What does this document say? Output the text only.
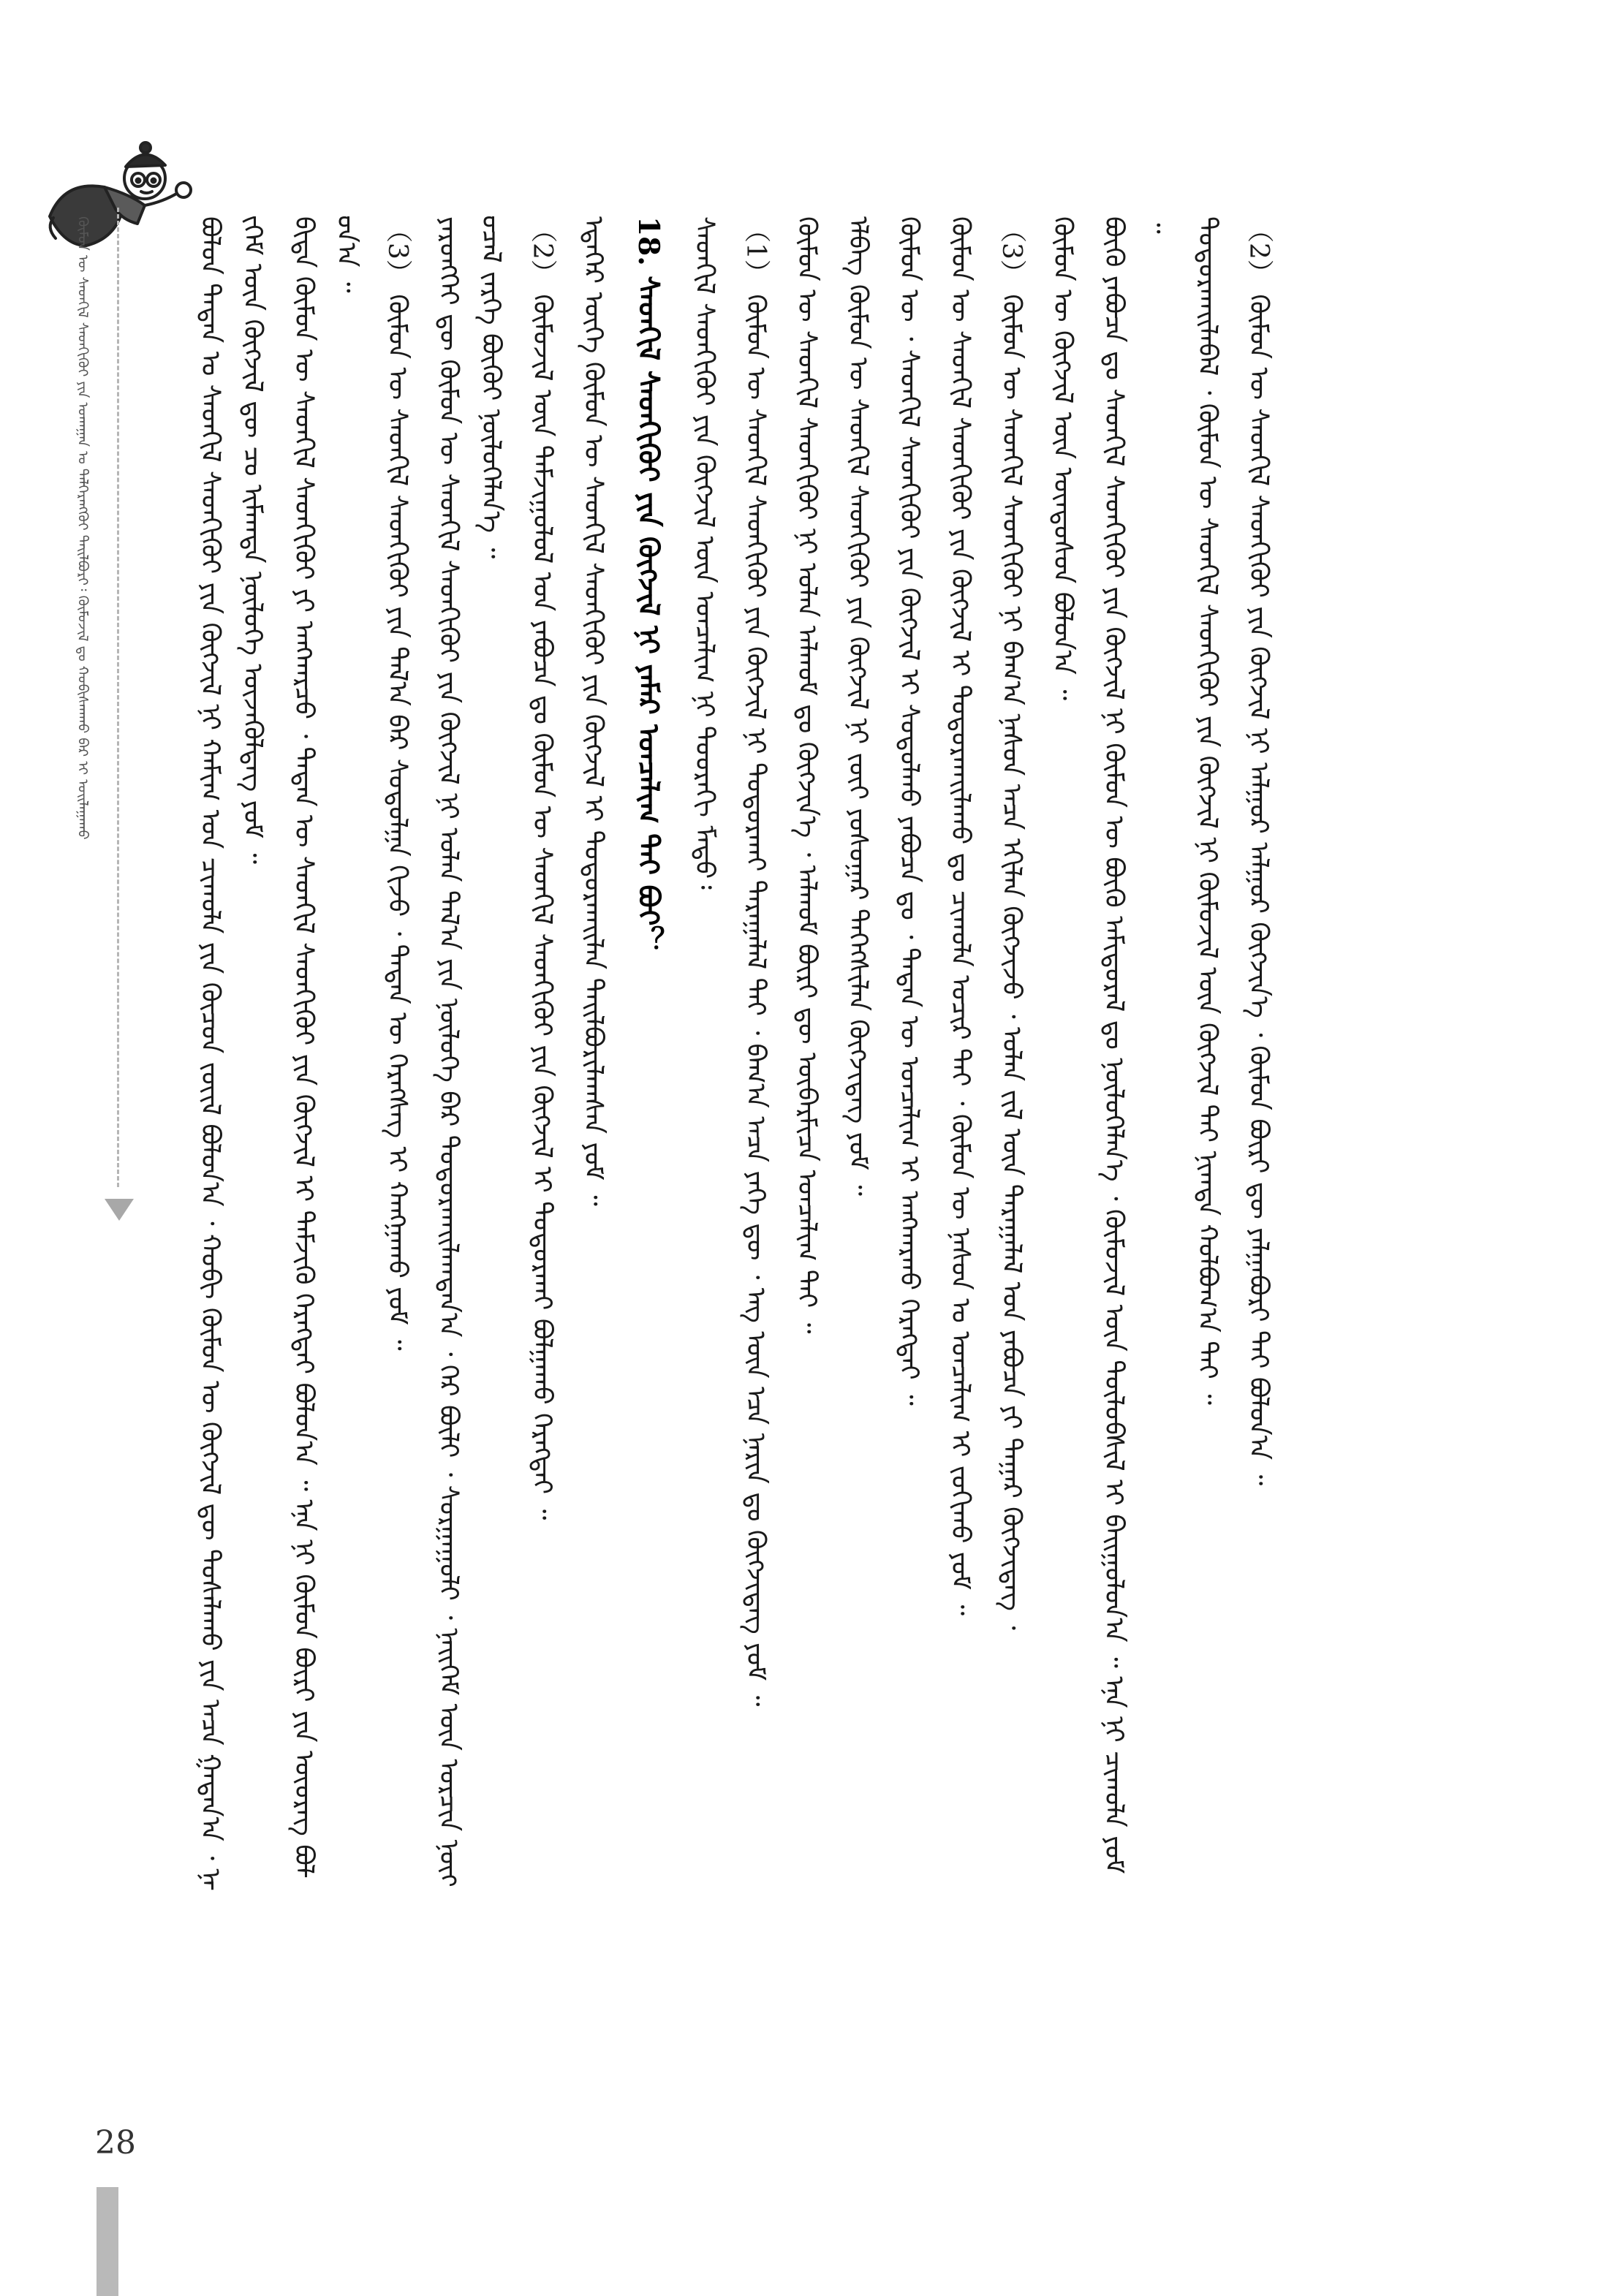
ᠬᠦᠮᠦᠨ ᠦ ᠰᠡᠳᠬᠢᠯ ᠰᠡᠳᠬᠢᠬᠦᠢ ᠶᠢᠨ ᠤᠬᠠᠭᠠᠨ ᠤ ᠳᠡᠯᠭᠡᠷᠡᠩᠭᠦᠢ ᠲᠠᠢᠯᠪᠤᠷᠢ᠄ ᠬᠦᠮᠦᠵᠢᠯ ᠳᠤ ᠬᠤᠪᠢᠰᠬᠠᠬᠤ ᠪᠠᠷ ᠢ ᠤᠢᠯᠠᠭᠠᠬᠤ	ᠪᠣᠯᠣᠨ ᠲᠡᠳᠡᠨ ᠤ ᠰᠡᠳᠬᠢᠯ ᠰᠡᠳᠬᠢᠬᠦᠢ ᠶᠢᠨ ᠬᠦᠭᠵᠢᠯ ᠨᠢ ᠬᠠᠮᠢᠭ ᠤᠨ ᠴᠢᠬᠤᠯᠠ ᠶᠢᠨ ᠬᠦᠴᠦᠨ ᠵᠦᠢᠯ ᠪᠣᠯᠣᠨ᠎ᠠ ᠂ ᠬᠤᠪᠢ ᠬᠦᠮᠦᠨ ᠦ ᠬᠦᠭᠵᠢᠯ ᠳᠦ ᠲᠤᠰᠠᠯᠠᠬᠤ ᠶᠢᠨ ᠠᠴᠠ ᠭᠠᠳᠠᠨ᠎ᠠ ᠂ ᠨᠡᠢᠭᠡᠮ ᠦᠨ ᠬᠦᠭᠵᠢᠯ ᠳᠦ ᠴᠤ ᠢᠮᠠᠭᠳᠠ ᠨᠥᠯᠦᠭᠡ ᠦᠵᠡᠭᠦᠯᠳᠡᠭ ᠶᠤᠮ ᠃ ᠪᠢᠳᠡ ᠬᠦᠮᠦᠨ ᠦ ᠰᠡᠳᠬᠢᠯ ᠰᠡᠳᠬᠢᠬᠦᠢ ᠶᠢ ᠠᠩᠬᠠᠷᠴᠤ ᠂ ᠲᠡᠳᠡᠨ ᠦ ᠰᠡᠳᠬᠢᠯ ᠰᠡᠳᠬᠢᠬᠦᠢ ᠶᠢᠨ ᠬᠦᠭᠵᠢᠯ ᠢ ᠳᠡᠮᠵᠢᠬᠦ ᠬᠡᠷᠡᠭᠲᠡᠢ ᠪᠣᠯᠣᠨ᠎ᠠ ᠃ ᠡᠨᠡ ᠨᠢ ᠬᠦᠮᠦᠨ ᠪᠦᠷᠢ ᠶᠢᠨ ᠦᠦᠷᠡᠭ ᠪᠣᠯᠣᠨ᠎ᠠ ᠃ （3） ᠬᠦᠮᠦᠨ ᠦ ᠰᠡᠳᠬᠢᠯ ᠰᠡᠳᠬᠢᠬᠦᠢ ᠶᠢᠨ ᠲᠠᠯ᠎ᠠ ᠪᠠᠷ ᠰᠤᠳᠤᠯᠭᠠ ᠬᠢᠵᠦ ᠂ ᠲᠡᠳᠡᠨ ᠦ ᠬᠡᠷᠡᠭᠰᠡᠭ ᠢ ᠬᠠᠩᠭᠠᠬᠤ ᠶᠤᠮ ᠃ ᠶᠡᠷᠦᠩᠬᠡᠢ ᠳᠦ ᠬᠦᠮᠦᠨ ᠦ ᠰᠡᠳᠬᠢᠯ ᠰᠡᠳᠬᠢᠬᠦᠢ ᠶᠢᠨ ᠬᠦᠭᠵᠢᠯ ᠨᠢ ᠣᠯᠠᠨ ᠲᠠᠯ᠎ᠠ ᠶᠢᠨ ᠨᠥᠯᠦᠭᠡ ᠪᠠᠷ ᠲᠣᠳᠣᠷᠬᠠᠢᠯᠠᠭᠳᠠᠨ᠎ᠠ ᠂ ᠭᠡᠷ ᠪᠦᠯᠢ ᠂ ᠰᠤᠷᠭᠠᠭᠤᠯᠢ ᠂ ᠨᠡᠢᠭᠡᠮ ᠦᠨ ᠣᠷᠴᠢᠨ ᠨᠥᠬᠦᠴᠡᠯ ᠵᠡᠷᠭᠡ ᠪᠦᠬᠦᠢ ᠨᠥᠯᠦᠭᠡᠯᠡᠨ᠎ᠡ ᠃ （2） ᠬᠦᠮᠦᠵᠢᠯ ᠦᠨ ᠳᠠᠮᠵᠢᠭᠤᠯᠤᠯ ᠤᠨ ᠶᠠᠪᠤᠴᠠ ᠳᠤ ᠬᠦᠮᠦᠨ ᠦ ᠰᠡᠳᠬᠢᠯ ᠰᠡᠳᠬᠢᠬᠦᠢ ᠶᠢᠨ ᠬᠦᠭᠵᠢᠯ ᠢ ᠲᠣᠳᠣᠷᠬᠠᠢ ᠪᠣᠯᠭᠠᠬᠤ ᠬᠡᠷᠡᠭᠲᠡᠢ ᠃ ᠡᠳᠡᠭᠡᠷ ᠦᠭᠡ ᠬᠦᠮᠦᠨ ᠦ ᠰᠡᠳᠬᠢᠯ ᠰᠡᠳᠬᠢᠬᠦᠢ ᠶᠢᠨ ᠬᠦᠭᠵᠢᠯ ᠢ ᠲᠣᠳᠣᠷᠬᠠᠢᠯᠠᠨ ᠲᠠᠢᠯᠪᠤᠷᠢᠯᠠᠭᠰᠠᠨ ᠶᠤᠮ ᠃ 18. ᠰᠡᠳᠬᠢᠯ ᠰᠡᠳᠬᠢᠬᠦᠢ ᠶᠢᠨ ᠬᠦᠭᠵᠢᠯ ᠨᠢ ᠶᠠᠮᠠᠷ ᠣᠨᠴᠠᠯᠢᠭ ᠲᠠᠢ ᠪᠤᠢ？ ᠰᠡᠳᠬᠢᠯ ᠰᠡᠳᠬᠢᠬᠦᠢ ᠶᠢᠨ ᠬᠦᠭᠵᠢᠯ ᠦᠨ ᠣᠨᠴᠠᠯᠢᠭ ᠨᠢ ᠳᠣᠣᠷᠠᠬᠢ ᠮᠡᠲᠦ᠄ （1） ᠬᠦᠮᠦᠨ ᠦ ᠰᠡᠳᠬᠢᠯ ᠰᠡᠳᠬᠢᠬᠦᠢ ᠶᠢᠨ ᠬᠦᠭᠵᠢᠯ ᠨᠢ ᠲᠣᠳᠣᠷᠬᠠᠢ ᠳᠠᠷᠠᠭᠠᠯᠠᠯ ᠲᠠᠢ ᠂ ᠪᠠᠭ᠎ᠠ ᠠᠴᠠ ᠶᠡᠬᠡ ᠳᠦ ᠂ ᠡᠩ ᠦᠨ ᠡᠴᠡ ᠨᠠᠷᠢᠨ ᠳᠤ ᠬᠦᠭᠵᠢᠳᠡᠭ ᠶᠤᠮ ᠃ ᠬᠦᠮᠦᠨ ᠦ ᠰᠡᠳᠬᠢᠯ ᠰᠡᠳᠬᠢᠬᠦᠢ ᠨᠢ ᠣᠯᠠᠨ ᠠᠯᠬᠤᠮ ᠳᠤ ᠬᠦᠭᠵᠢᠨ᠎ᠡ ᠂ ᠠᠯᠬᠤᠮ ᠪᠦᠷᠢ ᠳᠦ ᠥᠪᠡᠷᠮᠢᠴᠡ ᠣᠨᠴᠠᠯᠢᠭ ᠲᠠᠢ ᠃ ᠡᠯᠪᠡᠭ ᠬᠦᠮᠦᠨ ᠦ ᠰᠡᠳᠬᠢᠯ ᠰᠡᠳᠬᠢᠬᠦᠢ ᠶᠢᠨ ᠬᠦᠭᠵᠢᠯ ᠨᠢ ᠵᠦᠢ ᠶᠣᠰᠣᠭᠠᠷ ᠳᠡᠭᠡᠭᠰᠢᠯᠡᠨ ᠬᠦᠭᠵᠢᠳᠡᠭ ᠶᠤᠮ ᠃ ᠬᠦᠮᠦᠨ ᠦ ᠂ ᠰᠡᠳᠬᠢᠯ ᠰᠡᠳᠬᠢᠬᠦᠢ ᠶᠢᠨ ᠬᠦᠭᠵᠢᠯ ᠢ ᠰᠤᠳᠤᠯᠬᠤ ᠶᠠᠪᠤᠴᠠ ᠳᠤ ᠂ ᠲᠡᠳᠡᠨ ᠦ ᠣᠨᠴᠠᠯᠢᠭ ᠢ ᠠᠩᠬᠠᠷᠬᠤ ᠬᠡᠷᠡᠭᠲᠡᠢ ᠃ ᠬᠦᠮᠦᠨ ᠦ ᠰᠡᠳᠬᠢᠯ ᠰᠡᠳᠬᠢᠬᠦᠢ ᠶᠢᠨ ᠬᠦᠭᠵᠢᠯ ᠢ ᠲᠣᠳᠣᠷᠬᠠᠢᠯᠠᠬᠤ ᠳᠤ ᠴᠢᠬᠤᠯᠠ ᠤᠴᠢᠷ ᠲᠠᠢ ᠂ ᠬᠦᠮᠦᠨ ᠦ ᠨᠠᠰᠤᠨ ᠤ ᠣᠨᠴᠠᠯᠢᠭ ᠢ ᠵᠣᠬᠢᠬᠤ ᠶᠤᠮ ᠃ （3） ᠬᠦᠮᠦᠨ ᠦ ᠰᠡᠳᠬᠢᠯ ᠰᠡᠳᠬᠢᠬᠦᠢ ᠨᠢ ᠪᠠᠭ᠎ᠠ ᠨᠠᠰᠤᠨ ᠠᠴᠠ ᠡᠬᠢᠯᠡᠨ ᠬᠦᠭᠵᠢᠵᠦ ᠂ ᠣᠯᠠᠨ ᠵᠢᠯ ᠦᠨ ᠳᠠᠷᠠᠭᠠᠯᠠᠯ ᠤᠨ ᠶᠠᠪᠤᠴᠠ ᠶᠢ ᠳᠠᠭᠠᠷ ᠬᠦᠭᠵᠢᠳᠡᠭ ᠂ ᠬᠦᠮᠦᠨ ᠦ ᠬᠦᠭᠵᠢᠯ ᠦᠨ ᠦᠨᠳᠦᠰᠦᠨ ᠪᠣᠯᠣᠨ᠎ᠠ ᠃ ᠪᠦᠬᠦ ᠶᠠᠪᠤᠴᠠ ᠳᠤ ᠰᠡᠳᠬᠢᠯ ᠰᠡᠳᠬᠢᠬᠦᠢ ᠶᠢᠨ ᠬᠦᠭᠵᠢᠯ ᠨᠢ ᠬᠦᠮᠦᠨ ᠦ ᠪᠦᠬᠦ ᠠᠮᠢᠳᠤᠷᠠᠯ ᠳᠤ ᠨᠥᠯᠦᠭᠡᠯᠡᠨ᠎ᠡ ᠂ ᠬᠦᠮᠦᠵᠢᠯ ᠦᠨ ᠲᠥᠯᠦᠪᠰᠢᠯ ᠢ ᠪᠠᠢᠭᠤᠯᠤᠨ᠎ᠠ ᠃ ᠡᠨᠡ ᠨᠢ ᠴᠢᠬᠤᠯᠠ ᠶᠤᠮ ᠃ ᠲᠣᠳᠣᠷᠬᠠᠢᠯᠠᠪᠠᠯ ᠂ ᠬᠦᠮᠦᠨ ᠦ ᠰᠡᠳᠬᠢᠯ ᠰᠡᠳᠬᠢᠬᠦᠢ ᠶᠢᠨ ᠬᠦᠭᠵᠢᠯ ᠨᠢ ᠬᠦᠮᠦᠵᠢᠯ ᠦᠨ ᠬᠦᠭᠵᠢᠯ ᠲᠡᠢ ᠨᠢᠭᠲᠠ ᠬᠣᠯᠪᠣᠭ᠎ᠠ ᠲᠠᠢ ᠃ （2） ᠬᠦᠮᠦᠨ ᠦ ᠰᠡᠳᠬᠢᠯ ᠰᠡᠳᠬᠢᠬᠦᠢ ᠶᠢᠨ ᠬᠦᠭᠵᠢᠯ ᠨᠢ ᠠᠯᠭᠤᠷ ᠠᠯᠭᠤᠷ ᠬᠦᠭᠵᠢᠨ᠎ᠡ ᠂ ᠬᠦᠮᠦᠨ ᠪᠦᠷᠢ ᠳᠦ ᠶᠠᠯᠭᠠᠪᠤᠷᠢ ᠲᠠᠢ ᠪᠣᠯᠣᠨ᠎ᠠ ᠃
28
